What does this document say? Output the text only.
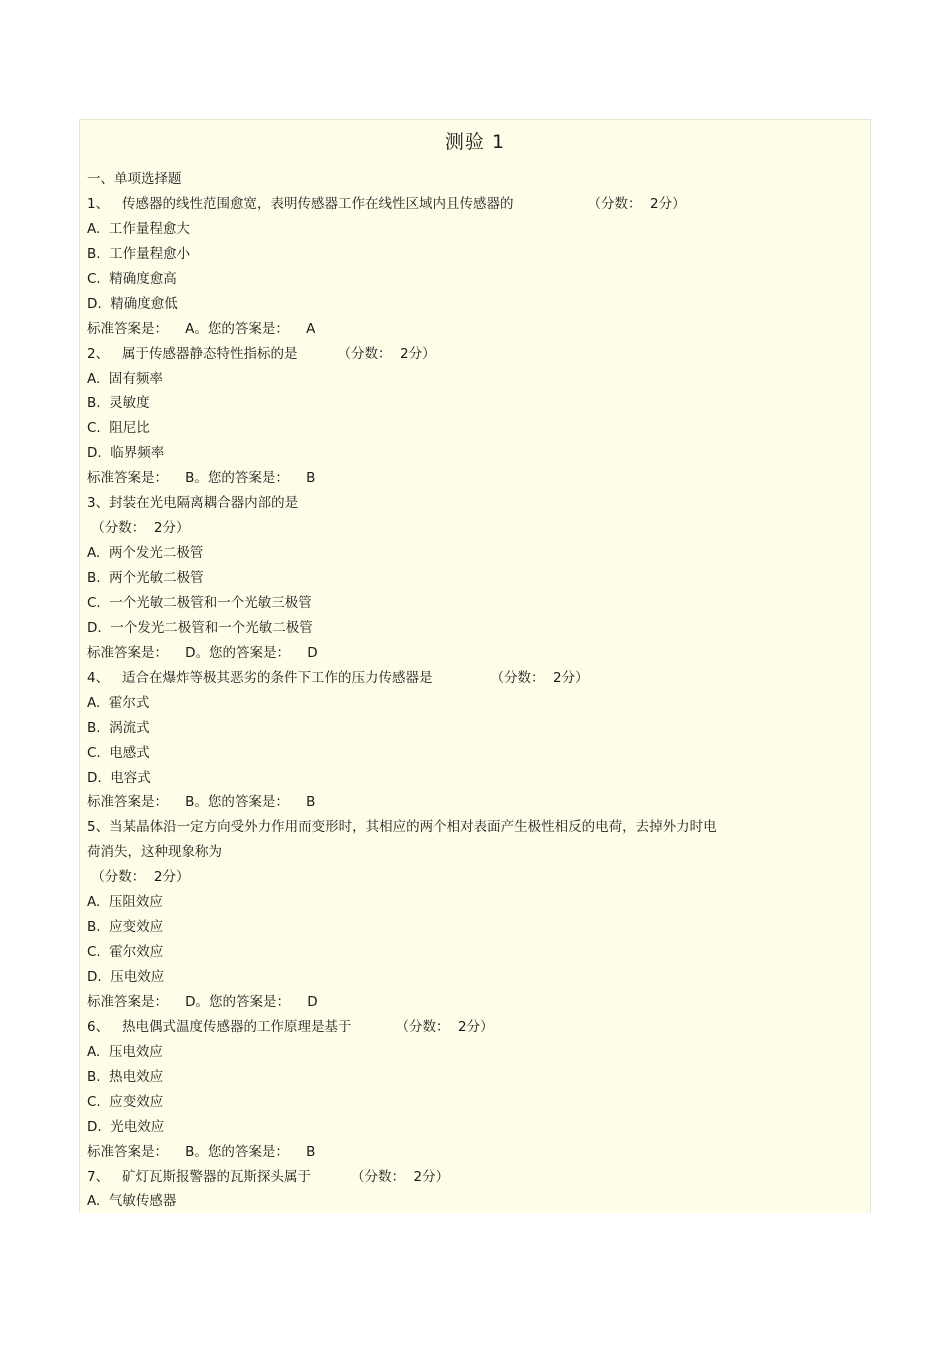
测验 1
一、单项选择题
1、   传感器的线性范围愈宽，表明传感器工作在线性区域内且传感器的	（分数：  2分）
A.  工作量程愈大
B.  工作量程愈小
C.  精确度愈高
D.  精确度愈低
标准答案是：    A。您的答案是：    A
2、   属于传感器静态特性指标的是	（分数：  2分）
A.  固有频率
B.  灵敏度
C.  阻尼比
D.  临界频率
标准答案是：    B。您的答案是：    B
3、封装在光电隔离耦合器内部的是
（分数：  2分）
A.  两个发光二极管
B.  两个光敏二极管
C.  一个光敏二极管和一个光敏三极管
D.  一个发光二极管和一个光敏二极管
标准答案是：    D。您的答案是：    D
4、   适合在爆炸等极其恶劣的条件下工作的压力传感器是	（分数：  2分）
A.  霍尔式
B.  涡流式
C.  电感式
D.  电容式
标准答案是：    B。您的答案是：    B
5、当某晶体沿一定方向受外力作用而变形时，其相应的两个相对表面产生极性相反的电荷，去掉外力时电
荷消失，这种现象称为
（分数：  2分）
A.  压阻效应
B.  应变效应
C.  霍尔效应
D.  压电效应
标准答案是：    D。您的答案是：    D
6、   热电偶式温度传感器的工作原理是基于	（分数：  2分）
A.  压电效应
B.  热电效应
C.  应变效应
D.  光电效应
标准答案是：    B。您的答案是：    B
7、   矿灯瓦斯报警器的瓦斯探头属于	（分数：  2分）
A.  气敏传感器
